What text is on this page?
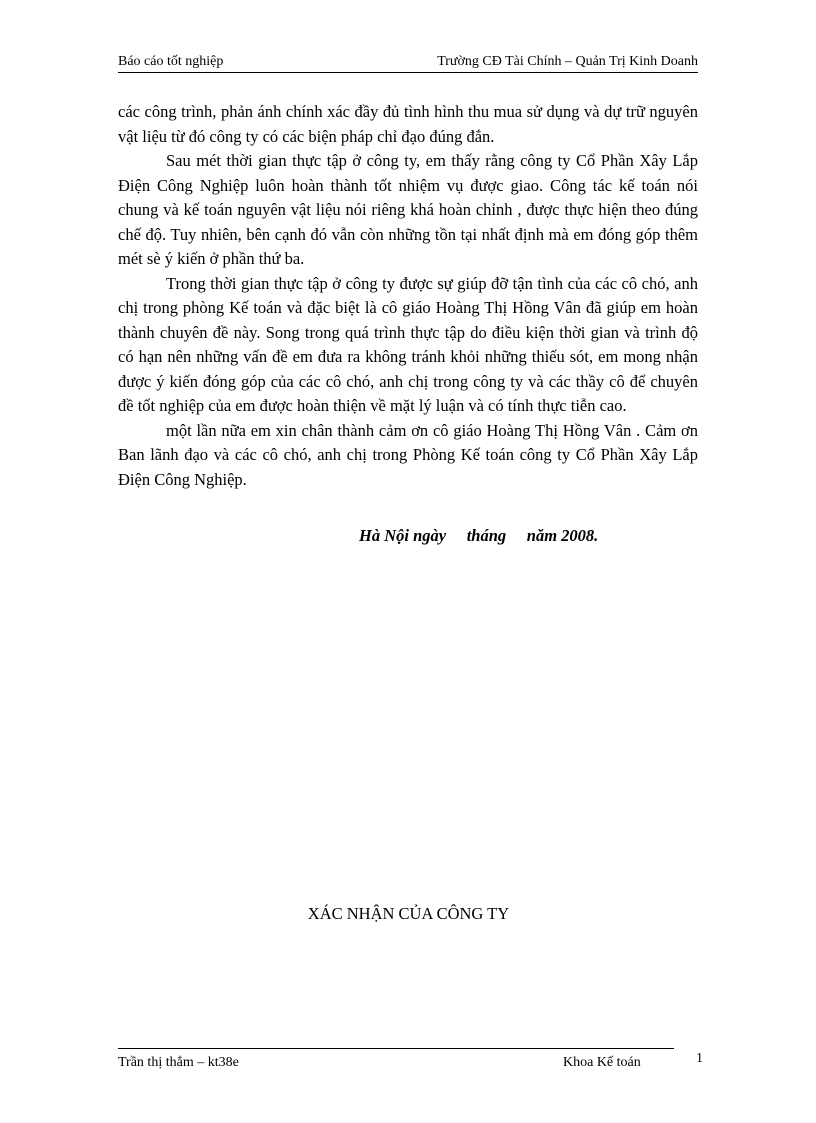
Báo cáo tốt nghiệp	Trường CĐ Tài Chính – Quản Trị Kinh Doanh

các công trình, phản ánh chính xác đầy đủ tình hình thu mua sử dụng và dự trữ nguyên vật liệu từ đó công ty có các biện pháp chỉ đạo đúng đắn.

Sau mét thời gian thực tập ở công ty, em thấy rằng công ty Cổ Phần Xây Lắp Điện Công Nghiệp luôn hoàn thành tốt nhiệm vụ được giao. Công tác kế toán nói chung và kế toán nguyên vật liệu nói riêng khá hoàn chỉnh , được thực hiện theo đúng chế độ. Tuy nhiên, bên cạnh đó vẫn còn những tồn tại nhất định mà em đóng góp thêm mét sè ý kiến ở phần thứ ba.

Trong thời gian thực tập ở công ty được sự giúp đỡ tận tình của các cô chó, anh chị trong phòng Kế toán và đặc biệt là cô giáo Hoàng Thị Hồng Vân đã giúp em hoàn thành chuyên đề này. Song trong quá trình thực tập do điều kiện thời gian và trình độ có hạn nên những vấn đề em đưa ra không tránh khỏi những thiếu sót, em mong nhận được ý kiến đóng góp của các cô chó, anh chị trong công ty và các thầy cô để chuyên đề tốt nghiệp của em được hoàn thiện về mặt lý luận và có tính thực tiễn cao.

một lần nữa em xin chân thành cảm ơn cô giáo Hoàng Thị Hồng Vân . Cảm ơn Ban lãnh đạo và các cô chó, anh chị trong Phòng Kế toán công ty Cổ Phần Xây Lắp Điện Công Nghiệp.

Hà Nội ngày     tháng     năm 2008.
XÁC NHẬN CỦA CÔNG TY
Trần thị thắm – kt38e	Khoa Kế toán	1
